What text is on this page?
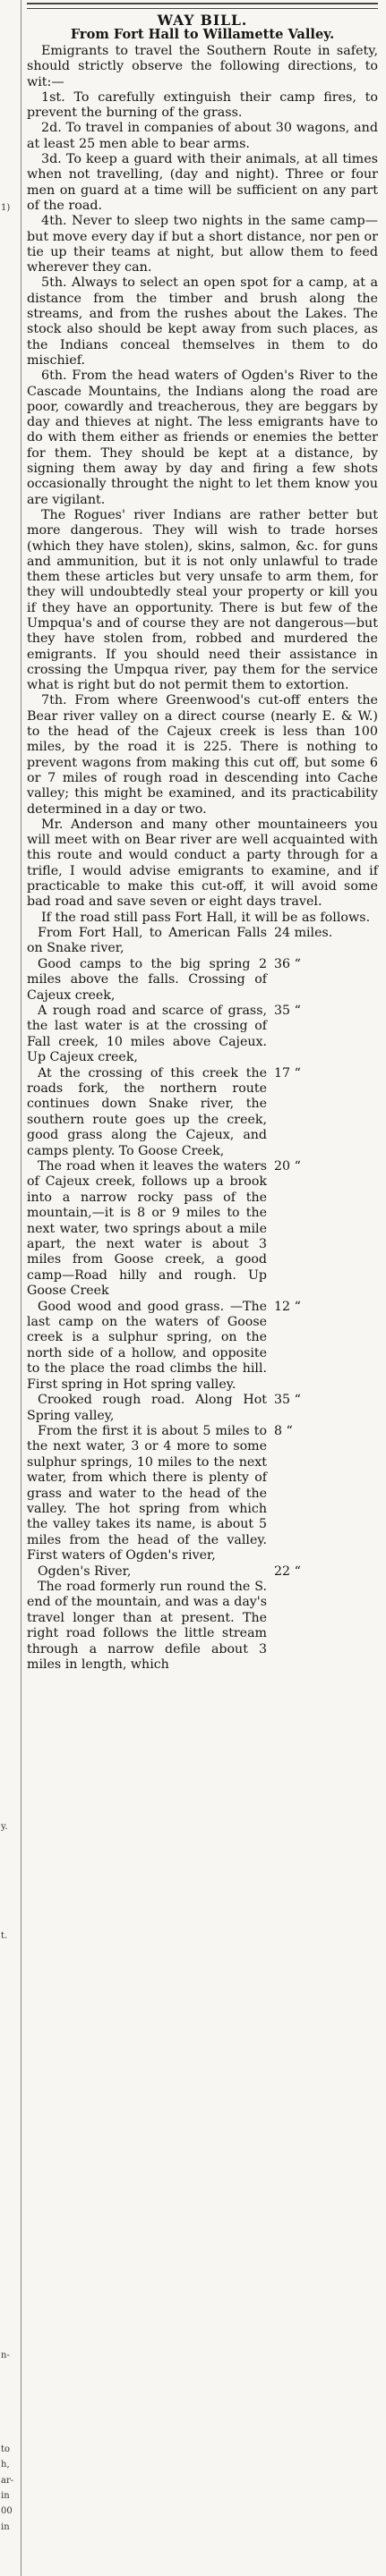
1)
y.
t.
n-
to
h,
ar-
in
00
in
WAY BILL.
From Fort Hall to Willamette Valley.

Emigrants to travel the Southern Route in safety, should strictly observe the following directions, to wit:—

1st. To carefully extinguish their camp fires, to prevent the burning of the grass.

2d. To travel in companies of about 30 wagons, and at least 25 men able to bear arms.

3d. To keep a guard with their animals, at all times when not travelling, (day and night). Three or four men on guard at a time will be sufficient on any part of the road.

4th. Never to sleep two nights in the same camp—but move every day if but a short distance, nor pen or tie up their teams at night, but allow them to feed wherever they can.

5th. Always to select an open spot for a camp, at a distance from the timber and brush along the streams, and from the rushes about the Lakes. The stock also should be kept away from such places, as the Indians conceal themselves in them to do mischief.

6th. From the head waters of Ogden's River to the Cascade Mountains, the Indians along the road are poor, cowardly and treacherous, they are beggars by day and thieves at night. The less emigrants have to do with them either as friends or enemies the better for them. They should be kept at a distance, by signing them away by day and firing a few shots occasionally throught the night to let them know you are vigilant.

The Rogues' river Indians are rather better but more dangerous. They will wish to trade horses (which they have stolen), skins, salmon, &c. for guns and ammunition, but it is not only unlawful to trade them these articles but very unsafe to arm them, for they will undoubtedly steal your property or kill you if they have an opportunity. There is but few of the Umpqua's and of course they are not dangerous—but they have stolen from, robbed and murdered the emigrants. If you should need their assistance in crossing the Umpqua river, pay them for the service what is right but do not permit them to extortion.

7th. From where Greenwood's cut-off enters the Bear river valley on a direct course (nearly E. & W.) to the head of the Cajeux creek is less than 100 miles, by the road it is 225. There is nothing to prevent wagons from making this cut off, but some 6 or 7 miles of rough road in descending into Cache valley; this might be examined, and its practicability determined in a day or two.

Mr. Anderson and many other mountaineers you will meet with on Bear river are well acquainted with this route and would conduct a party through for a trifle, I would advise emigrants to examine, and if practicable to make this cut-off, it will avoid some bad road and save seven or eight days travel.

If the road still pass Fort Hall, it will be as follows.

From Fort Hall, to American Falls on Snake river,
24 miles.
Good camps to the big spring 2 miles above the falls. Crossing of Cajeux creek,
36 “
A rough road and scarce of grass, the last water is at the crossing of Fall creek, 10 miles above Cajeux. Up Cajeux creek,
35 “
At the crossing of this creek the roads fork, the northern route continues down Snake river, the southern route goes up the creek, good grass along the Cajeux, and camps plenty. To Goose Creek,
17 “
The road when it leaves the waters of Cajeux creek, follows up a brook into a narrow rocky pass of the mountain,—it is 8 or 9 miles to the next water, two springs about a mile apart, the next water is about 3 miles from Goose creek, a good camp—Road hilly and rough. Up Goose Creek
20 “
Good wood and good grass. —The last camp on the waters of Goose creek is a sulphur spring, on the north side of a hollow, and opposite to the place the road climbs the hill. First spring in Hot spring valley.
12 “
Crooked rough road. Along Hot Spring valley,
35 “
From the first it is about 5 miles to the next water, 3 or 4 more to some sulphur springs, 10 miles to the next water, from which there is plenty of grass and water to the head of the valley. The hot spring from which the valley takes its name, is about 5 miles from the head of the valley. First waters of Ogden's river,
8 “
Ogden's River,	22 “
The road formerly run round the S. end of the mountain, and was a day's travel longer than at present. The right road follows the little stream through a narrow defile about 3 miles in length, which
